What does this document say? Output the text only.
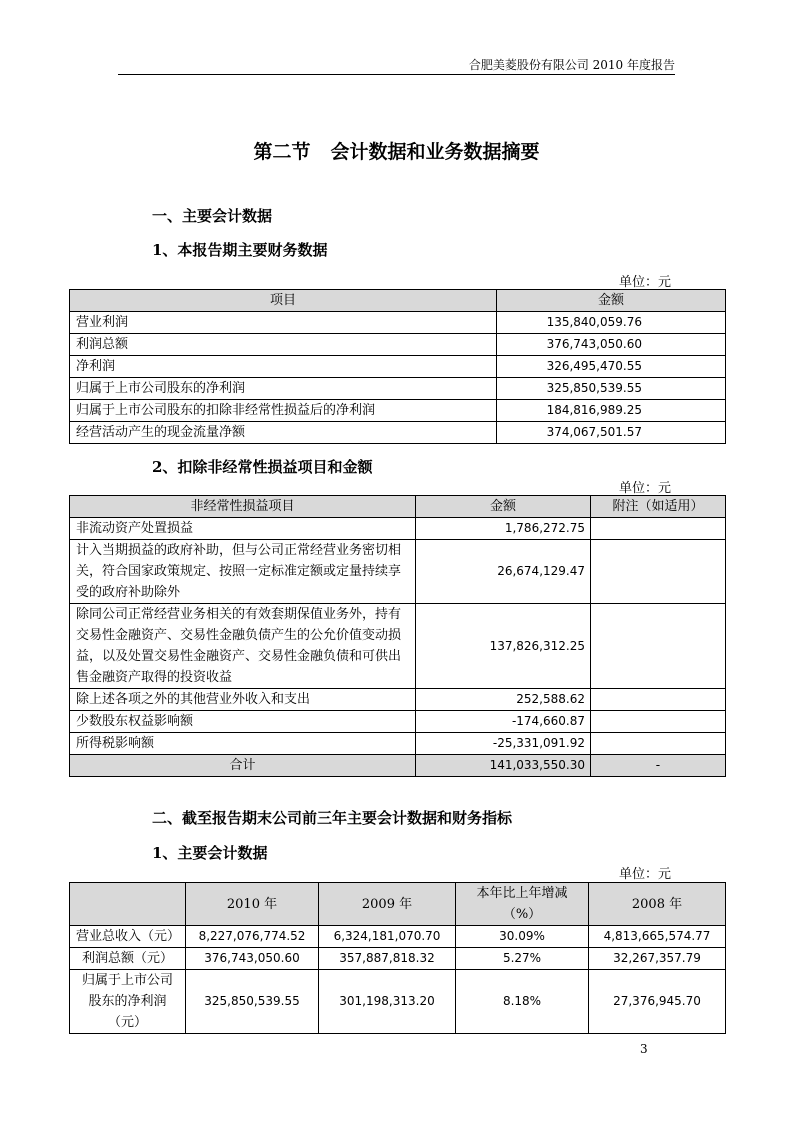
合肥美菱股份有限公司 2010 年度报告
第二节 会计数据和业务数据摘要
一、主要会计数据
1、本报告期主要财务数据
单位：元
项目	金额
营业利润	135,840,059.76
利润总额	376,743,050.60
净利润	326,495,470.55
归属于上市公司股东的净利润	325,850,539.55
归属于上市公司股东的扣除非经常性损益后的净利润	184,816,989.25
经营活动产生的现金流量净额	374,067,501.57
2、扣除非经常性损益项目和金额
单位：元
非经常性损益项目	金额	附注（如适用）
非流动资产处置损益	1,786,272.75	
计入当期损益的政府补助，但与公司正常经营业务密切相关，符合国家政策规定、按照一定标准定额或定量持续享受的政府补助除外	26,674,129.47	
除同公司正常经营业务相关的有效套期保值业务外，持有交易性金融资产、交易性金融负债产生的公允价值变动损益，以及处置交易性金融资产、交易性金融负债和可供出售金融资产取得的投资收益	137,826,312.25	
除上述各项之外的其他营业外收入和支出	252,588.62	
少数股东权益影响额	-174,660.87	
所得税影响额	-25,331,091.92	
合计	141,033,550.30	-
二、截至报告期末公司前三年主要会计数据和财务指标
1、主要会计数据
单位：元
	2010 年	2009 年	本年比上年增减（%）	2008 年
营业总收入（元）	8,227,076,774.52	6,324,181,070.70	30.09%	4,813,665,574.77
利润总额（元）	376,743,050.60	357,887,818.32	5.27%	32,267,357.79
归属于上市公司股东的净利润（元）	325,850,539.55	301,198,313.20	8.18%	27,376,945.70
3
